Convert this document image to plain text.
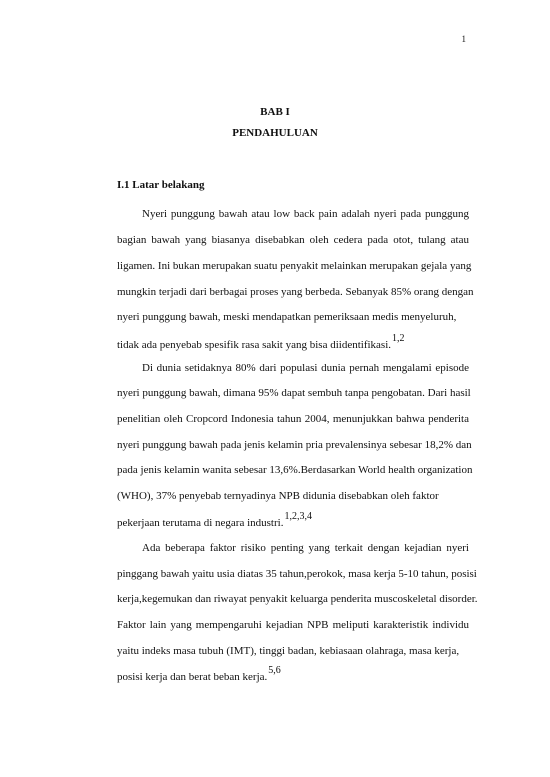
1
BAB I
PENDAHULUAN
I.1 Latar belakang
Nyeri punggung bawah atau low back pain adalah nyeri pada punggung
bagian bawah yang biasanya disebabkan oleh cedera pada otot, tulang atau
ligamen. Ini bukan merupakan suatu penyakit melainkan merupakan gejala yang
mungkin terjadi dari berbagai proses yang berbeda. Sebanyak 85% orang dengan
nyeri punggung bawah, meski mendapatkan pemeriksaan medis menyeluruh,
tidak ada penyebab spesifik rasa sakit yang bisa diidentifikasi.1,2
Di dunia setidaknya 80% dari populasi dunia pernah mengalami episode
nyeri punggung bawah, dimana 95% dapat sembuh tanpa pengobatan. Dari hasil
penelitian oleh Cropcord Indonesia tahun 2004, menunjukkan bahwa penderita
nyeri punggung bawah pada jenis kelamin pria prevalensinya sebesar 18,2% dan
pada jenis kelamin wanita sebesar 13,6%.Berdasarkan World health organization
(WHO), 37% penyebab ternyadinya NPB didunia disebabkan oleh faktor
pekerjaan terutama di negara industri.1,2,3,4
Ada beberapa faktor risiko penting yang terkait dengan kejadian nyeri
pinggang bawah yaitu usia diatas 35 tahun,perokok, masa kerja 5-10 tahun, posisi
kerja,kegemukan dan riwayat penyakit keluarga penderita muscoskeletal disorder.
Faktor lain yang mempengaruhi kejadian NPB meliputi karakteristik individu
yaitu indeks masa tubuh (IMT), tinggi badan, kebiasaan olahraga, masa kerja,
posisi kerja dan berat beban kerja.5,6
